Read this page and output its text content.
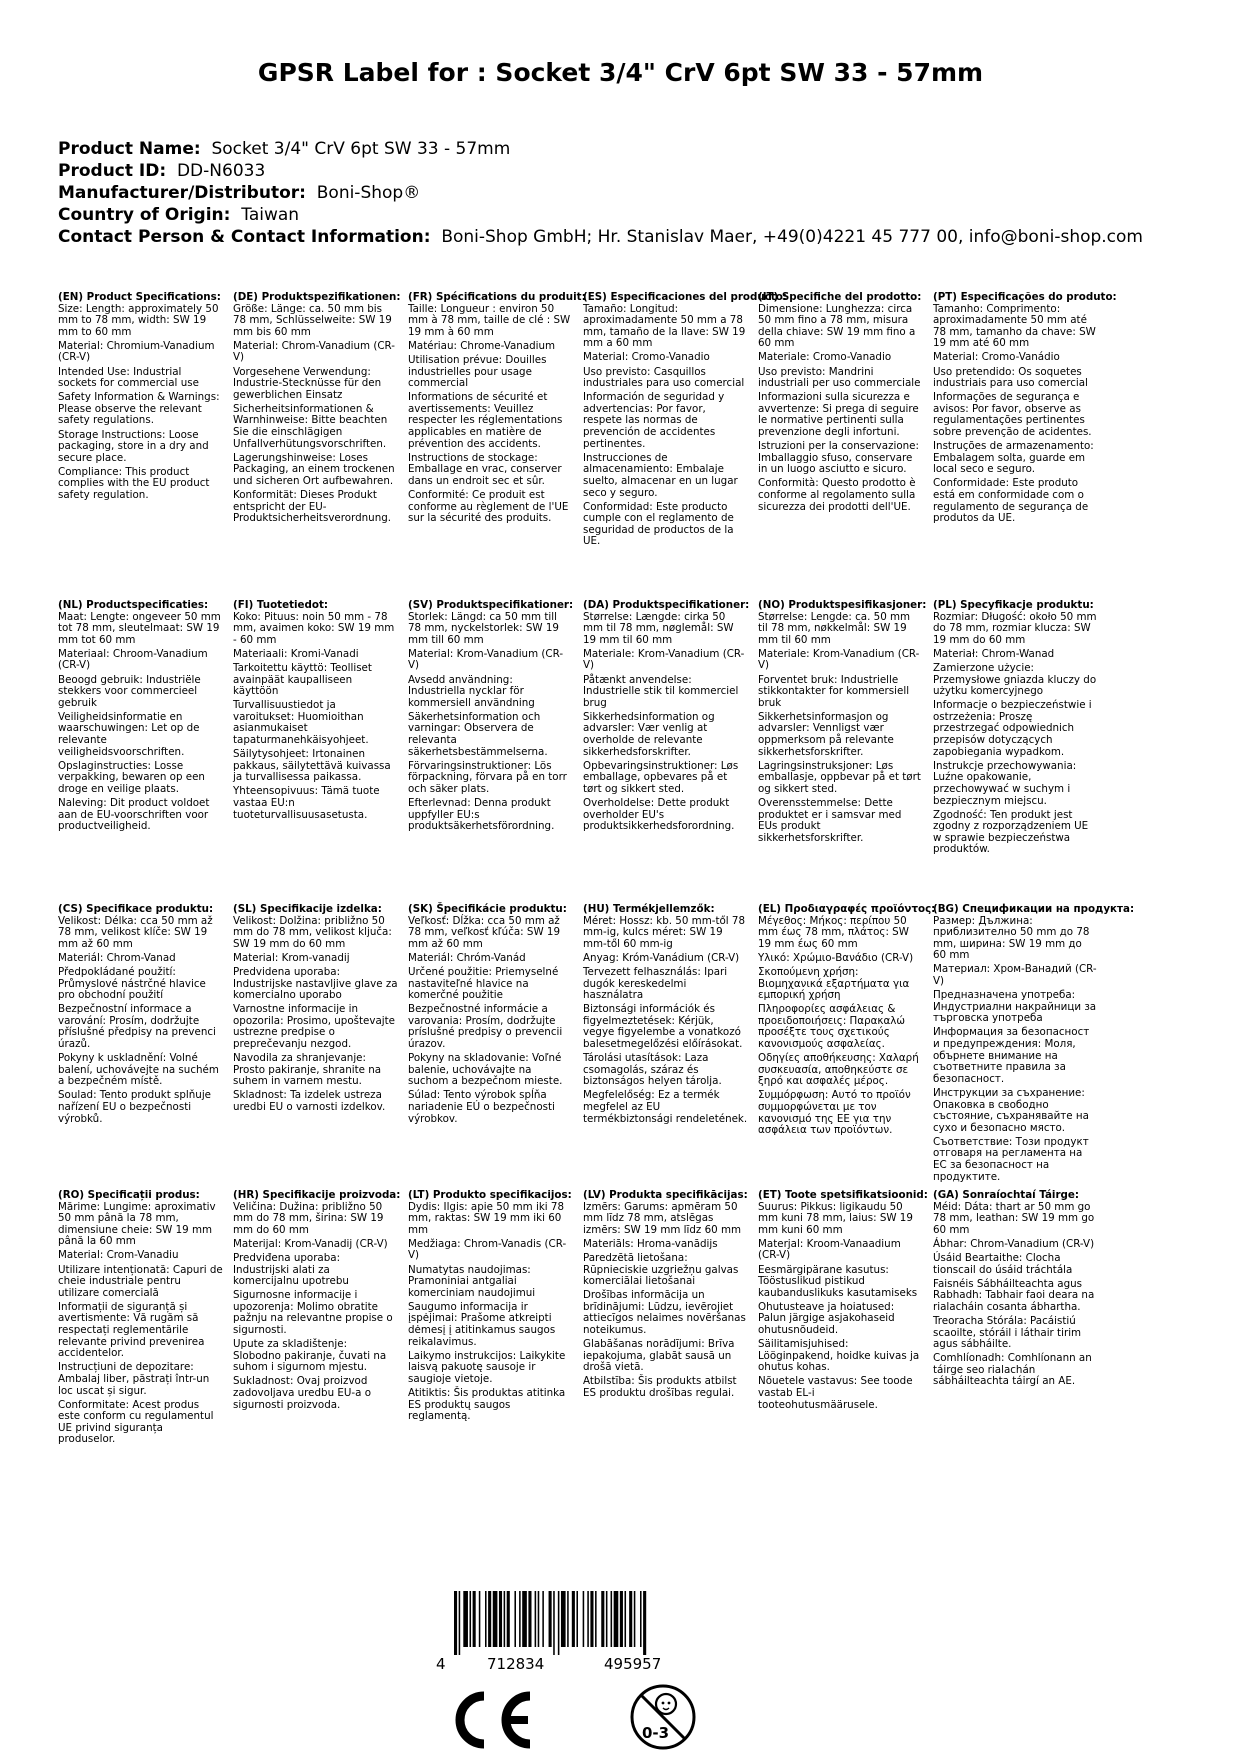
GPSR Label for : Socket 3/4" CrV 6pt SW 33 - 57mm
Product Name: Socket 3/4" CrV 6pt SW 33 - 57mm
Product ID: DD-N6033
Manufacturer/Distributor: Boni-Shop®
Country of Origin: Taiwan
Contact Person & Contact Information: Boni-Shop GmbH; Hr. Stanislav Maer, +49(0)4221 45 777 00, info@boni-shop.com
(EN) Product Specifications:

Size: Length: approximately 50 mm to 78 mm, width: SW 19 mm to 60 mm

Material: Chromium-Vanadium (CR-V)

Intended Use: Industrial sockets for commercial use

Safety Information & Warnings: Please observe the relevant safety regulations.

Storage Instructions: Loose packaging, store in a dry and secure place.

Compliance: This product complies with the EU product safety regulation.

(DE) Produktspezifikationen:

Größe: Länge: ca. 50 mm bis 78 mm, Schlüsselweite: SW 19 mm bis 60 mm

Material: Chrom-Vanadium (CR-V)

Vorgesehene Verwendung: Industrie-Stecknüsse für den gewerblichen Einsatz

Sicherheitsinformationen & Warnhinweise: Bitte beachten Sie die einschlägigen Unfallverhütungsvorschriften.

Lagerungshinweise: Loses Packaging, an einem trockenen und sicheren Ort aufbewahren.

Konformität: Dieses Produkt entspricht der EU-Produktsicherheitsverordnung.

(FR) Spécifications du produit:

Taille: Longueur : environ 50 mm à 78 mm, taille de clé : SW 19 mm à 60 mm

Matériau: Chrome-Vanadium

Utilisation prévue: Douilles industrielles pour usage commercial

Informations de sécurité et avertissements: Veuillez respecter les réglementations applicables en matière de prévention des accidents.

Instructions de stockage: Emballage en vrac, conserver dans un endroit sec et sûr.

Conformité: Ce produit est conforme au règlement de l'UE sur la sécurité des produits.

(ES) Especificaciones del producto:

Tamaño: Longitud: aproximadamente 50 mm a 78 mm, tamaño de la llave: SW 19 mm a 60 mm

Material: Cromo-Vanadio

Uso previsto: Casquillos industriales para uso comercial

Información de seguridad y advertencias: Por favor, respete las normas de prevención de accidentes pertinentes.

Instrucciones de almacenamiento: Embalaje suelto, almacenar en un lugar seco y seguro.

Conformidad: Este producto cumple con el reglamento de seguridad de productos de la UE.

(IT) Specifiche del prodotto:

Dimensione: Lunghezza: circa 50 mm fino a 78 mm, misura della chiave: SW 19 mm fino a 60 mm

Materiale: Cromo-Vanadio

Uso previsto: Mandrini industriali per uso commerciale

Informazioni sulla sicurezza e avvertenze: Si prega di seguire le normative pertinenti sulla prevenzione degli infortuni.

Istruzioni per la conservazione: Imballaggio sfuso, conservare in un luogo asciutto e sicuro.

Conformità: Questo prodotto è conforme al regolamento sulla sicurezza dei prodotti dell'UE.

(PT) Especificações do produto:

Tamanho: Comprimento: aproximadamente 50 mm até 78 mm, tamanho da chave: SW 19 mm até 60 mm

Material: Cromo-Vanádio

Uso pretendido: Os soquetes industriais para uso comercial

Informações de segurança e avisos: Por favor, observe as regulamentações pertinentes sobre prevenção de acidentes.

Instruções de armazenamento: Embalagem solta, guarde em local seco e seguro.

Conformidade: Este produto está em conformidade com o regulamento de segurança de produtos da UE.

(NL) Productspecificaties:

Maat: Lengte: ongeveer 50 mm tot 78 mm, sleutelmaat: SW 19 mm tot 60 mm

Materiaal: Chroom-Vanadium (CR-V)

Beoogd gebruik: Industriële stekkers voor commercieel gebruik

Veiligheidsinformatie en waarschuwingen: Let op de relevante veiligheidsvoorschriften.

Opslaginstructies: Losse verpakking, bewaren op een droge en veilige plaats.

Naleving: Dit product voldoet aan de EU-voorschriften voor productveiligheid.

(FI) Tuotetiedot:

Koko: Pituus: noin 50 mm - 78 mm, avaimen koko: SW 19 mm - 60 mm

Materiaali: Kromi-Vanadi

Tarkoitettu käyttö: Teolliset avainpäät kaupalliseen käyttöön

Turvallisuustiedot ja varoitukset: Huomioithan asianmukaiset tapaturmanehkäisyohjeet.

Säilytysohjeet: Irtonainen pakkaus, säilytettävä kuivassa ja turvallisessa paikassa.

Yhteensopivuus: Tämä tuote vastaa EU:n tuoteturvallisuusasetusta.

(SV) Produktspecifikationer:

Storlek: Längd: ca 50 mm till 78 mm, nyckelstorlek: SW 19 mm till 60 mm

Material: Krom-Vanadium (CR-V)

Avsedd användning: Industriella nycklar för kommersiell användning

Säkerhetsinformation och varningar: Observera de relevanta säkerhetsbestämmelserna.

Förvaringsinstruktioner: Lös förpackning, förvara på en torr och säker plats.

Efterlevnad: Denna produkt uppfyller EU:s produktsäkerhetsförordning.

(DA) Produktspecifikationer:

Størrelse: Længde: cirka 50 mm til 78 mm, nøglemål: SW 19 mm til 60 mm

Materiale: Krom-Vanadium (CR-V)

Påtænkt anvendelse: Industrielle stik til kommerciel brug

Sikkerhedsinformation og advarsler: Vær venlig at overholde de relevante sikkerhedsforskrifter.

Opbevaringsinstruktioner: Løs emballage, opbevares på et tørt og sikkert sted.

Overholdelse: Dette produkt overholder EU's produktsikkerhedsforordning.

(NO) Produktspesifikasjoner:

Størrelse: Lengde: ca. 50 mm til 78 mm, nøkkelmål: SW 19 mm til 60 mm

Materiale: Krom-Vanadium (CR-V)

Forventet bruk: Industrielle stikkontakter for kommersiell bruk

Sikkerhetsinformasjon og advarsler: Vennligst vær oppmerksom på relevante sikkerhetsforskrifter.

Lagringsinstruksjoner: Løs emballasje, oppbevar på et tørt og sikkert sted.

Overensstemmelse: Dette produktet er i samsvar med EUs produkt sikkerhetsforskrifter.

(PL) Specyfikacje produktu:

Rozmiar: Długość: około 50 mm do 78 mm, rozmiar klucza: SW 19 mm do 60 mm

Materiał: Chrom-Wanad

Zamierzone użycie: Przemysłowe gniazda kluczy do użytku komercyjnego

Informacje o bezpieczeństwie i ostrzeżenia: Proszę przestrzegać odpowiednich przepisów dotyczących zapobiegania wypadkom.

Instrukcje przechowywania: Luźne opakowanie, przechowywać w suchym i bezpiecznym miejscu.

Zgodność: Ten produkt jest zgodny z rozporządzeniem UE w sprawie bezpieczeństwa produktów.

(CS) Specifikace produktu:

Velikost: Délka: cca 50 mm až 78 mm, velikost klíče: SW 19 mm až 60 mm

Materiál: Chrom-Vanad

Předpokládané použití: Průmyslové nástrčné hlavice pro obchodní použití

Bezpečnostní informace a varování: Prosím, dodržujte příslušné předpisy na prevenci úrazů.

Pokyny k uskladnění: Volné balení, uchovávejte na suchém a bezpečném místě.

Soulad: Tento produkt splňuje nařízení EU o bezpečnosti výrobků.

(SL) Specifikacije izdelka:

Velikost: Dolžina: približno 50 mm do 78 mm, velikost ključa: SW 19 mm do 60 mm

Material: Krom-vanadij

Predvidena uporaba: Industrijske nastavljive glave za komercialno uporabo

Varnostne informacije in opozorila: Prosimo, upoštevajte ustrezne predpise o preprečevanju nezgod.

Navodila za shranjevanje: Prosto pakiranje, shranite na suhem in varnem mestu.

Skladnost: Ta izdelek ustreza uredbi EU o varnosti izdelkov.

(SK) Špecifikácie produktu:

Veľkosť: Dĺžka: cca 50 mm až 78 mm, veľkosť kľúča: SW 19 mm až 60 mm

Materiál: Chróm-Vanád

Určené použitie: Priemyselné nastaviteľné hlavice na komerčné použitie

Bezpečnostné informácie a varovania: Prosím, dodržujte príslušné predpisy o prevencii úrazov.

Pokyny na skladovanie: Voľné balenie, uchovávajte na suchom a bezpečnom mieste.

Súlad: Tento výrobok spĺňa nariadenie EÚ o bezpečnosti výrobkov.

(HU) Termékjellemzők:

Méret: Hossz: kb. 50 mm-től 78 mm-ig, kulcs méret: SW 19 mm-től 60 mm-ig

Anyag: Króm-Vanádium (CR-V)

Tervezett felhasználás: Ipari dugók kereskedelmi használatra

Biztonsági információk és figyelmeztetések: Kérjük, vegye figyelembe a vonatkozó balesetmegelőzési előírásokat.

Tárolási utasítások: Laza csomagolás, száraz és biztonságos helyen tárolja.

Megfelelőség: Ez a termék megfelel az EU termékbiztonsági rendeletének.

(EL) Προδιαγραφές προϊόντος:

Μέγεθος: Μήκος: περίπου 50 mm έως 78 mm, πλάτος: SW 19 mm έως 60 mm

Υλικό: Χρώμιο-Βανάδιο (CR-V)

Σκοπούμενη χρήση: Βιομηχανικά εξαρτήματα για εμπορική χρήση

Πληροφορίες ασφάλειας & προειδοποιήσεις: Παρακαλώ προσέξτε τους σχετικούς κανονισμούς ασφαλείας.

Οδηγίες αποθήκευσης: Χαλαρή συσκευασία, αποθηκεύστε σε ξηρό και ασφαλές μέρος.

Συμμόρφωση: Αυτό το προϊόν συμμορφώνεται με τον κανονισμό της ΕΕ για την ασφάλεια των προϊόντων.

(BG) Спецификации на продукта:

Размер: Дължина: приблизително 50 mm до 78 mm, ширина: SW 19 mm до 60 mm

Материал: Хром-Ванадий (CR-V)

Предназначена употреба: Индустриални накрайници за търговска употреба

Информация за безопасност и предупреждения: Моля, обърнете внимание на съответните правила за безопасност.

Инструкции за съхранение: Опаковка в свободно състояние, съхранявайте на сухо и безопасно място.

Съответствие: Този продукт отговаря на регламента на ЕС за безопасност на продуктите.

(RO) Specificații produs:

Mărime: Lungime: aproximativ 50 mm până la 78 mm, dimensiune cheie: SW 19 mm până la 60 mm

Material: Crom-Vanadiu

Utilizare intenționată: Capuri de cheie industriale pentru utilizare comercială

Informații de siguranță și avertismente: Vă rugăm să respectați reglementările relevante privind prevenirea accidentelor.

Instrucțiuni de depozitare: Ambalaj liber, păstrați într-un loc uscat și sigur.

Conformitate: Acest produs este conform cu regulamentul UE privind siguranța produselor.

(HR) Specifikacije proizvoda:

Veličina: Dužina: približno 50 mm do 78 mm, širina: SW 19 mm do 60 mm

Materijal: Krom-Vanadij (CR-V)

Predviđena uporaba: Industrijski alati za komercijalnu upotrebu

Sigurnosne informacije i upozorenja: Molimo obratite pažnju na relevantne propise o sigurnosti.

Upute za skladištenje: Slobodno pakiranje, čuvati na suhom i sigurnom mjestu.

Sukladnost: Ovaj proizvod zadovoljava uredbu EU-a o sigurnosti proizvoda.

(LT) Produkto specifikacijos:

Dydis: Ilgis: apie 50 mm iki 78 mm, raktas: SW 19 mm iki 60 mm

Medžiaga: Chrom-Vanadis (CR-V)

Numatytas naudojimas: Pramoniniai antgaliai komerciniam naudojimui

Saugumo informacija ir įspėjimai: Prašome atkreipti dėmesį į atitinkamus saugos reikalavimus.

Laikymo instrukcijos: Laikykite laisvą pakuotę sausoje ir saugioje vietoje.

Atitiktis: Šis produktas atitinka ES produktų saugos reglamentą.

(LV) Produkta specifikācijas:

Izmērs: Garums: apmēram 50 mm līdz 78 mm, atslēgas izmērs: SW 19 mm līdz 60 mm

Materiāls: Hroma-vanādijs

Paredzētā lietošana: Rūpnieciskie uzgriežņu galvas komerciālai lietošanai

Drošības informācija un brīdinājumi: Lūdzu, ievērojiet attiecīgos nelaimes novēršanas noteikumus.

Glabāšanas norādījumi: Brīva iepakojuma, glabāt sausā un drošā vietā.

Atbilstība: Šis produkts atbilst ES produktu drošības regulai.

(ET) Toote spetsifikatsioonid:

Suurus: Pikkus: ligikaudu 50 mm kuni 78 mm, laius: SW 19 mm kuni 60 mm

Materjal: Kroom-Vanaadium (CR-V)

Eesmärgipärane kasutus: Tööstuslikud pistikud kaubanduslikuks kasutamiseks

Ohutusteave ja hoiatused: Palun järgige asjakohaseid ohutusnõudeid.

Säilitamisjuhised: Lööginpakend, hoidke kuivas ja ohutus kohas.

Nõuetele vastavus: See toode vastab EL-i tooteohutusmäärusele.

(GA) Sonraíochtaí Táirge:

Méid: Dáta: thart ar 50 mm go 78 mm, leathan: SW 19 mm go 60 mm

Ábhar: Chrom-Vanadium (CR-V)

Úsáid Beartaithe: Clocha tionscail do úsáid tráchtála

Faisnéis Sábháilteachta agus Rabhadh: Tabhair faoi deara na rialacháin cosanta ábhartha.

Treoracha Stórála: Pacáistiú scaoilte, stóráil i láthair tirim agus sábháilte.

Comhlíonadh: Comhlíonann an táirge seo rialachán sábháilteachta táirgí an AE.

4	712834	495957
0-3
